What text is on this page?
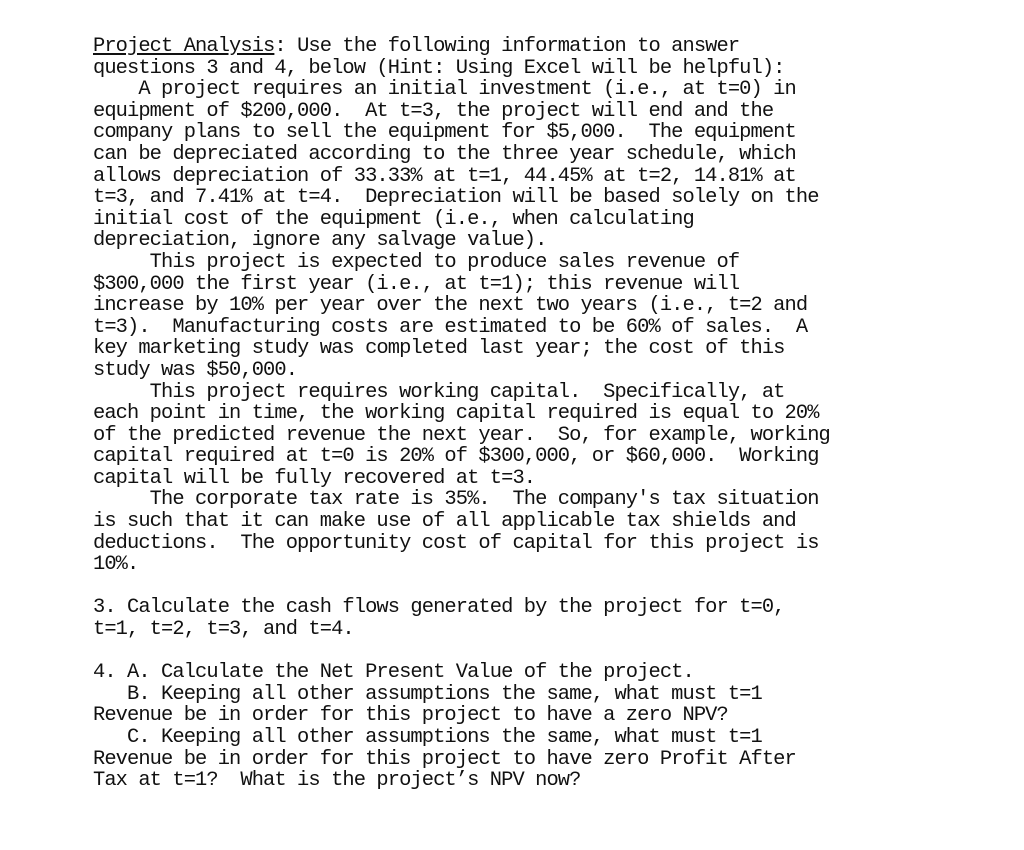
Project Analysis: Use the following information to answer
questions 3 and 4, below (Hint: Using Excel will be helpful):
A project requires an initial investment (i.e., at t=0) in
equipment of $200,000.  At t=3, the project will end and the
company plans to sell the equipment for $5,000.  The equipment
can be depreciated according to the three year schedule, which
allows depreciation of 33.33% at t=1, 44.45% at t=2, 14.81% at
t=3, and 7.41% at t=4.  Depreciation will be based solely on the
initial cost of the equipment (i.e., when calculating
depreciation, ignore any salvage value).
This project is expected to produce sales revenue of
$300,000 the first year (i.e., at t=1); this revenue will
increase by 10% per year over the next two years (i.e., t=2 and
t=3).  Manufacturing costs are estimated to be 60% of sales.  A
key marketing study was completed last year; the cost of this
study was $50,000.
This project requires working capital.  Specifically, at
each point in time, the working capital required is equal to 20%
of the predicted revenue the next year.  So, for example, working
capital required at t=0 is 20% of $300,000, or $60,000.  Working
capital will be fully recovered at t=3.
The corporate tax rate is 35%.  The company's tax situation
is such that it can make use of all applicable tax shields and
deductions.  The opportunity cost of capital for this project is
10%.
3. Calculate the cash flows generated by the project for t=0,
t=1, t=2, t=3, and t=4.
4. A. Calculate the Net Present Value of the project.
B. Keeping all other assumptions the same, what must t=1
Revenue be in order for this project to have a zero NPV?
C. Keeping all other assumptions the same, what must t=1
Revenue be in order for this project to have zero Profit After
Tax at t=1?  What is the project’s NPV now?
